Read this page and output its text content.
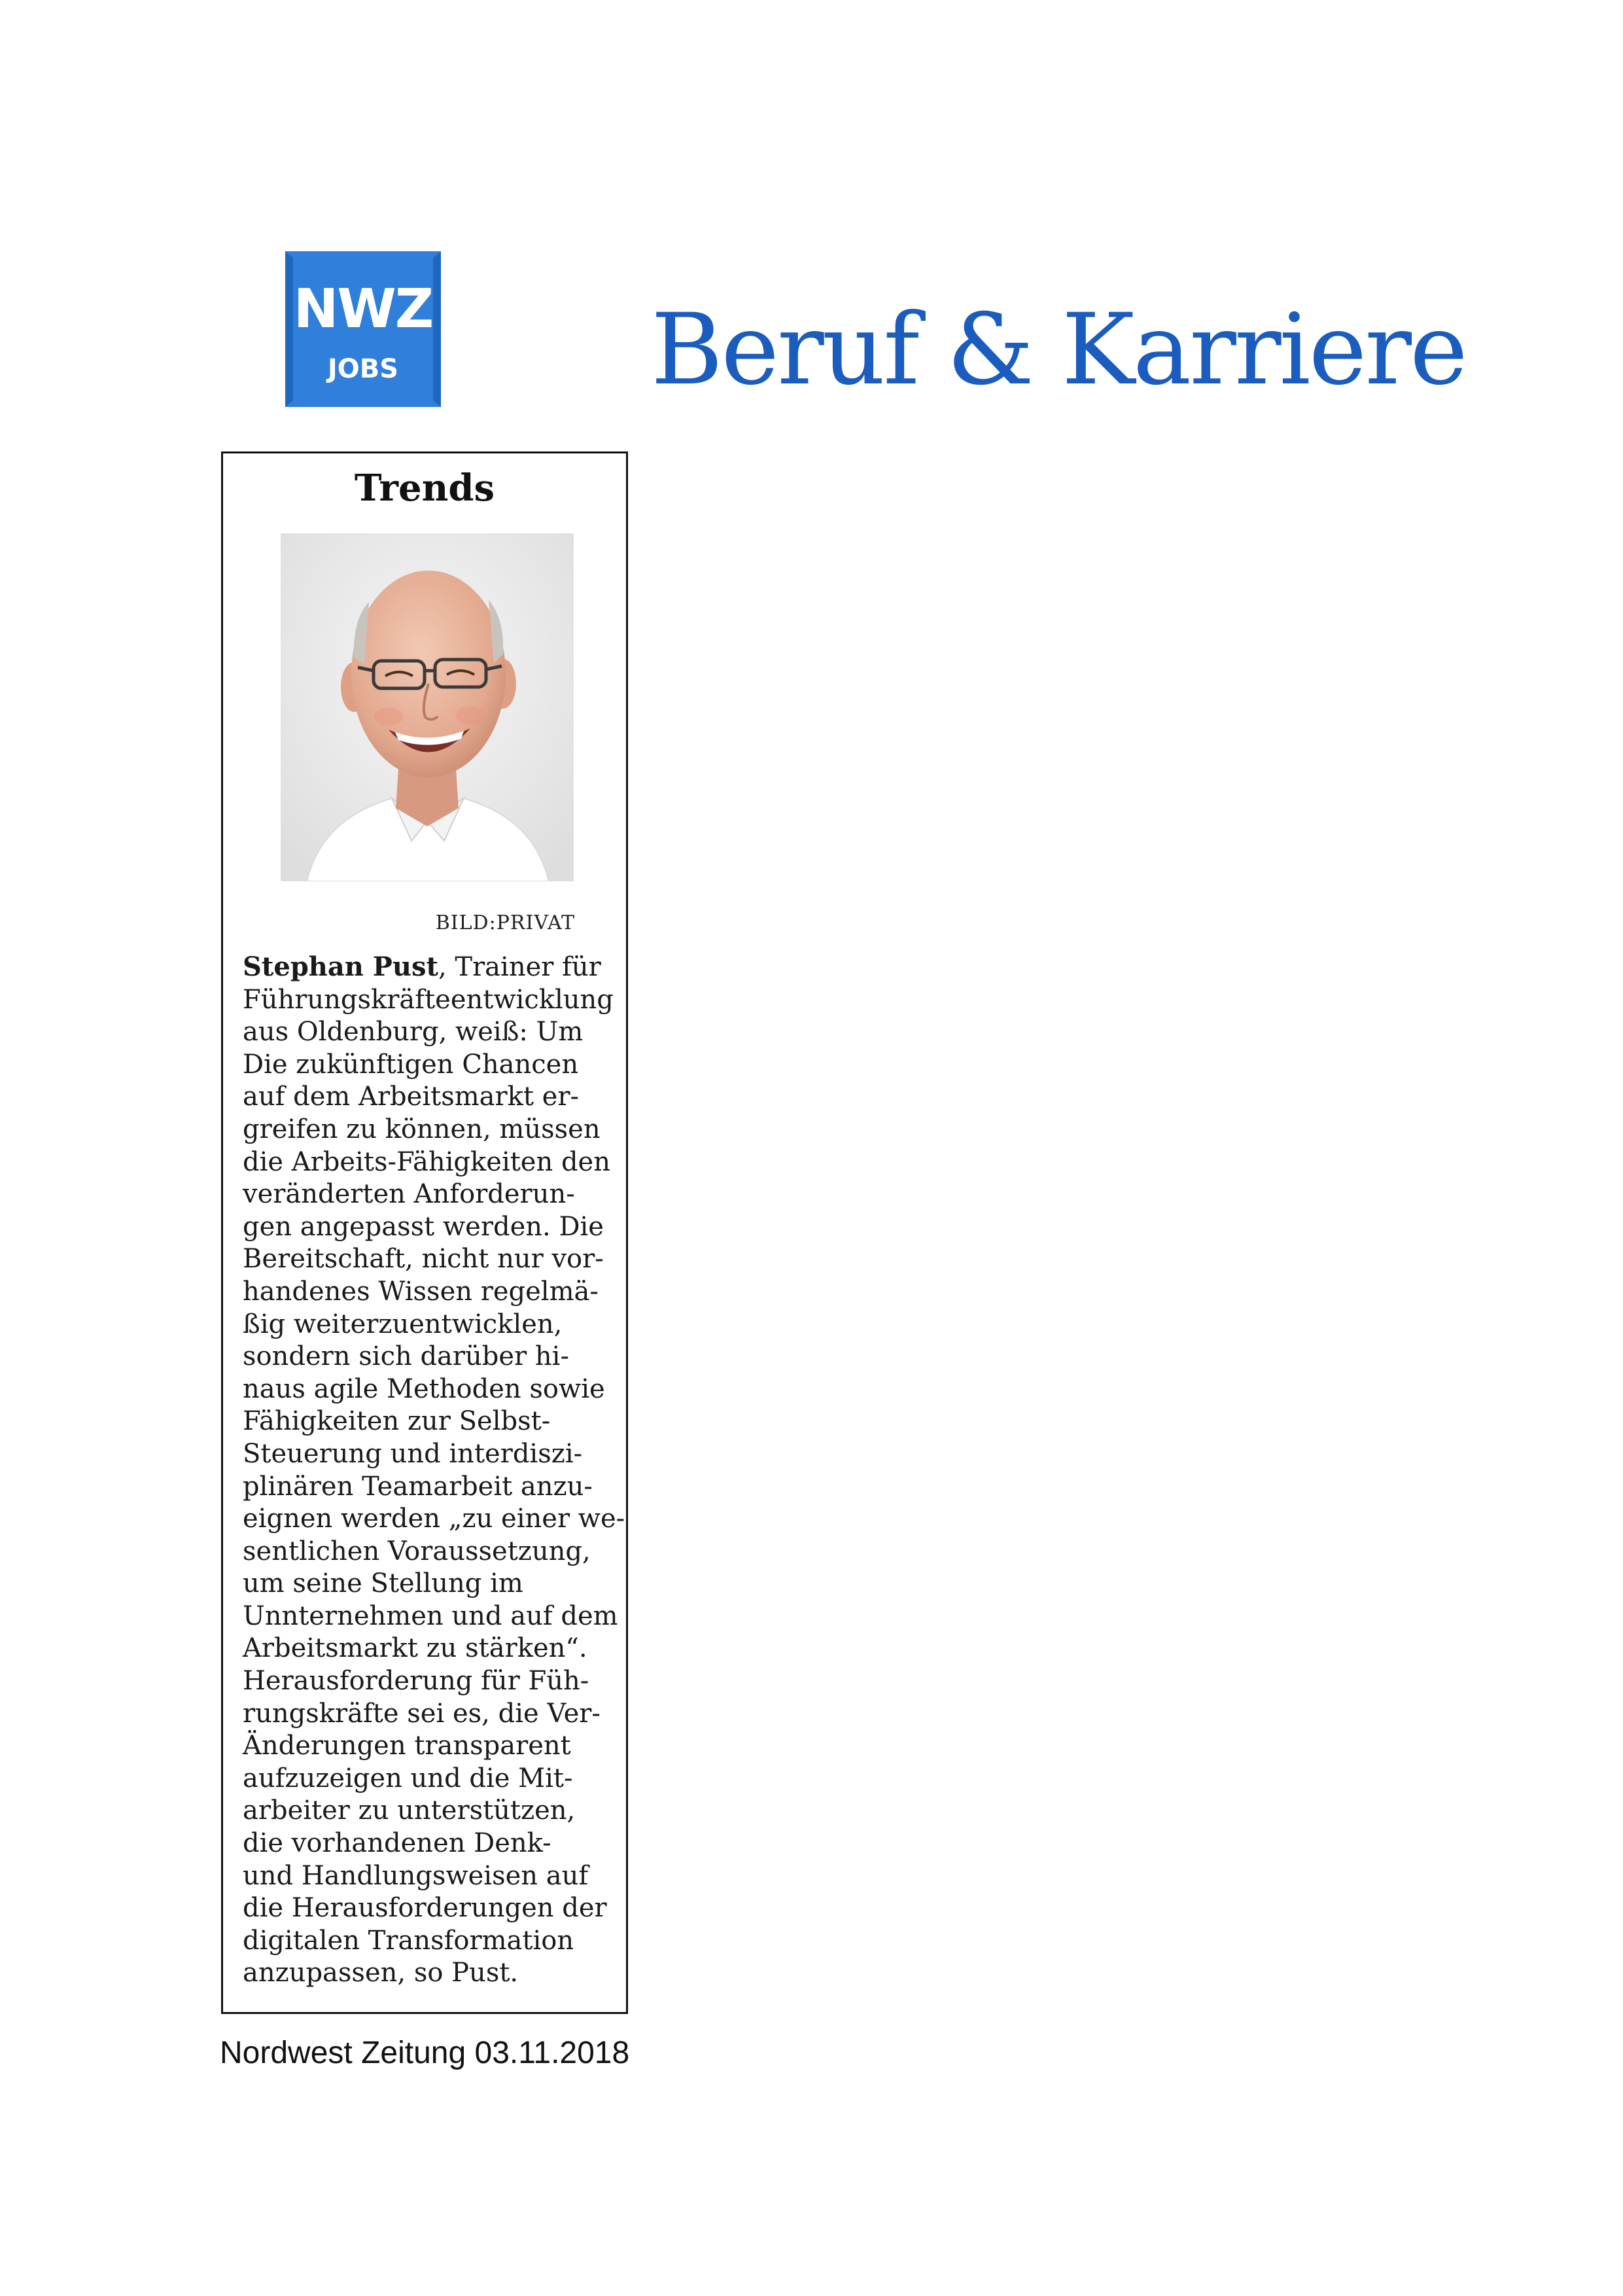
NWZ
JOBS	Beruf & Karriere
Trends
BILD:PRIVAT

Stephan Pust, Trainer für
Führungskräfteentwicklung
aus Oldenburg, weiß: Um
Die zukünftigen Chancen
auf dem Arbeitsmarkt er-
greifen zu können, müssen
die Arbeits-Fähigkeiten den
veränderten Anforderun-
gen angepasst werden. Die
Bereitschaft, nicht nur vor-
handenes Wissen regelmä-
ßig weiterzuentwicklen,
sondern sich darüber hi-
naus agile Methoden sowie
Fähigkeiten zur Selbst-
Steuerung und interdiszi-
plinären Teamarbeit anzu-
eignen werden „zu einer we-
sentlichen Voraussetzung,
um seine Stellung im
Unnternehmen und auf dem
Arbeitsmarkt zu stärken“.
Herausforderung für Füh-
rungskräfte sei es, die Ver-
Änderungen transparent
aufzuzeigen und die Mit-
arbeiter zu unterstützen,
die vorhandenen Denk-
und Handlungsweisen auf
die Herausforderungen der
digitalen Transformation
anzupassen, so Pust.

Nordwest Zeitung 03.11.2018
